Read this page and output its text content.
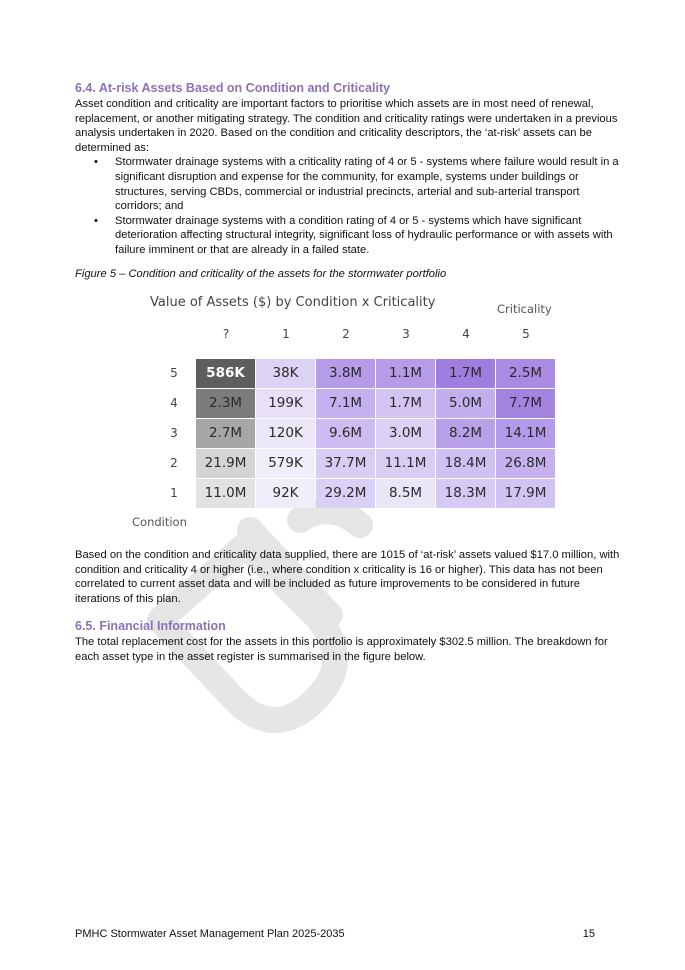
6.4. At-risk Assets Based on Condition and Criticality

Asset condition and criticality are important factors to prioritise which assets are in most need of renewal, replacement, or another mitigating strategy. The condition and criticality ratings were undertaken in a previous analysis undertaken in 2020. Based on the condition and criticality descriptors, the ‘at-risk’ assets can be determined as:

• Stormwater drainage systems with a criticality rating of 4 or 5 - systems where failure would result in a significant disruption and expense for the community, for example, systems under buildings or structures, serving CBDs, commercial or industrial precincts, arterial and sub-arterial transport corridors; and
• Stormwater drainage systems with a condition rating of 4 or 5 - systems which have significant deterioration affecting structural integrity, significant loss of hydraulic performance or with assets with failure imminent or that are already in a failed state.

Figure 5 – Condition and criticality of the assets for the stormwater portfolio

Value of Assets ($) by Condition x Criticality	Criticality
Condition
?	1	2	3	4	5
5	586K	38K	3.8M	1.1M	1.7M	2.5M
4	2.3M	199K	7.1M	1.7M	5.0M	7.7M
3	2.7M	120K	9.6M	3.0M	8.2M	14.1M
2	21.9M	579K	37.7M	11.1M	18.4M	26.8M
1	11.0M	92K	29.2M	8.5M	18.3M	17.9M

Based on the condition and criticality data supplied, there are 1015 of ‘at-risk’ assets valued $17.0 million, with condition and criticality 4 or higher (i.e., where condition x criticality is 16 or higher). This data has not been correlated to current asset data and will be included as future improvements to be considered in future iterations of this plan.

6.5. Financial Information

The total replacement cost for the assets in this portfolio is approximately $302.5 million. The breakdown for each asset type in the asset register is summarised in the figure below.

PMHC Stormwater Asset Management Plan 2025-2035	15
